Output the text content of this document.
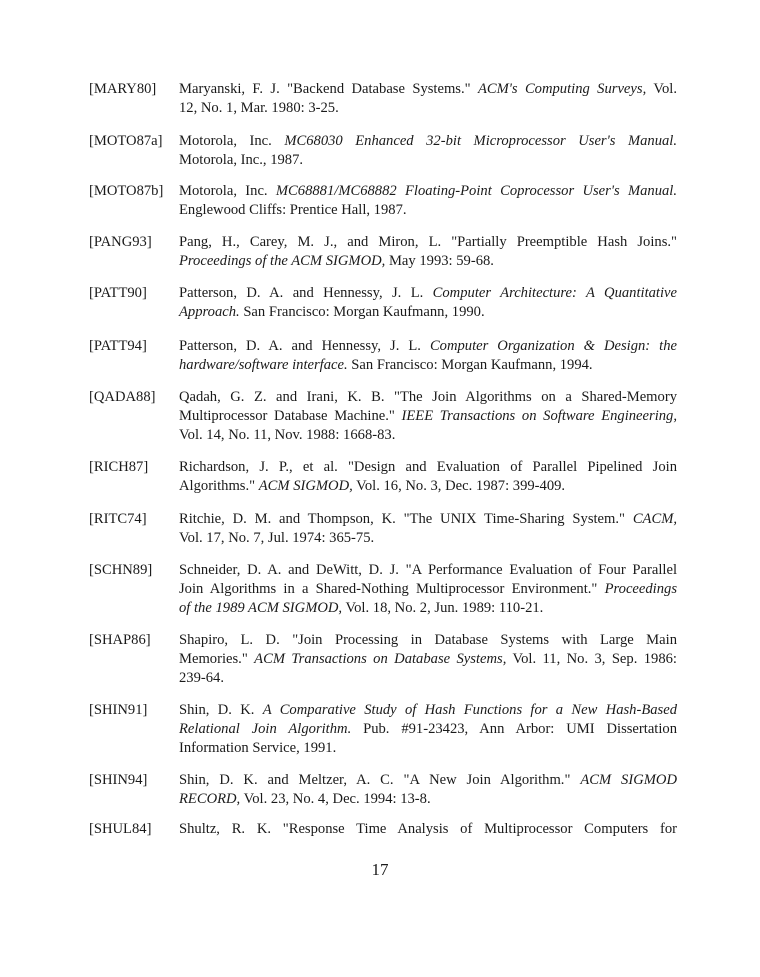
[MARY80] Maryanski, F. J. "Backend Database Systems." ACM's Computing Surveys, Vol.
12, No. 1, Mar. 1980: 3-25.
[MOTO87a] Motorola, Inc. MC68030 Enhanced 32-bit Microprocessor User's Manual.
Motorola, Inc., 1987.
[MOTO87b] Motorola, Inc. MC68881/MC68882 Floating-Point Coprocessor User's Manual.
Englewood Cliffs: Prentice Hall, 1987.
[PANG93] Pang, H., Carey, M. J., and Miron, L. "Partially Preemptible Hash Joins."
Proceedings of the ACM SIGMOD, May 1993: 59-68.
[PATT90] Patterson, D. A. and Hennessy, J. L. Computer Architecture: A Quantitative
Approach. San Francisco: Morgan Kaufmann, 1990.
[PATT94] Patterson, D. A. and Hennessy, J. L. Computer Organization & Design: the
hardware/software interface. San Francisco: Morgan Kaufmann, 1994.
[QADA88] Qadah, G. Z. and Irani, K. B. "The Join Algorithms on a Shared-Memory
Multiprocessor Database Machine." IEEE Transactions on Software Engineering,
Vol. 14, No. 11, Nov. 1988: 1668-83.
[RICH87] Richardson, J. P., et al. "Design and Evaluation of Parallel Pipelined Join
Algorithms." ACM SIGMOD, Vol. 16, No. 3, Dec. 1987: 399-409.
[RITC74] Ritchie, D. M. and Thompson, K. "The UNIX Time-Sharing System." CACM,
Vol. 17, No. 7, Jul. 1974: 365-75.
[SCHN89] Schneider, D. A. and DeWitt, D. J. "A Performance Evaluation of Four Parallel
Join Algorithms in a Shared-Nothing Multiprocessor Environment." Proceedings
of the 1989 ACM SIGMOD, Vol. 18, No. 2, Jun. 1989: 110-21.
[SHAP86] Shapiro, L. D. "Join Processing in Database Systems with Large Main
Memories." ACM Transactions on Database Systems, Vol. 11, No. 3, Sep. 1986:
239-64.
[SHIN91] Shin, D. K. A Comparative Study of Hash Functions for a New Hash-Based
Relational Join Algorithm. Pub. #91-23423, Ann Arbor: UMI Dissertation
Information Service, 1991.
[SHIN94] Shin, D. K. and Meltzer, A. C. "A New Join Algorithm." ACM SIGMOD
RECORD, Vol. 23, No. 4, Dec. 1994: 13-8.
[SHUL84] Shultz, R. K. "Response Time Analysis of Multiprocessor Computers for
17
